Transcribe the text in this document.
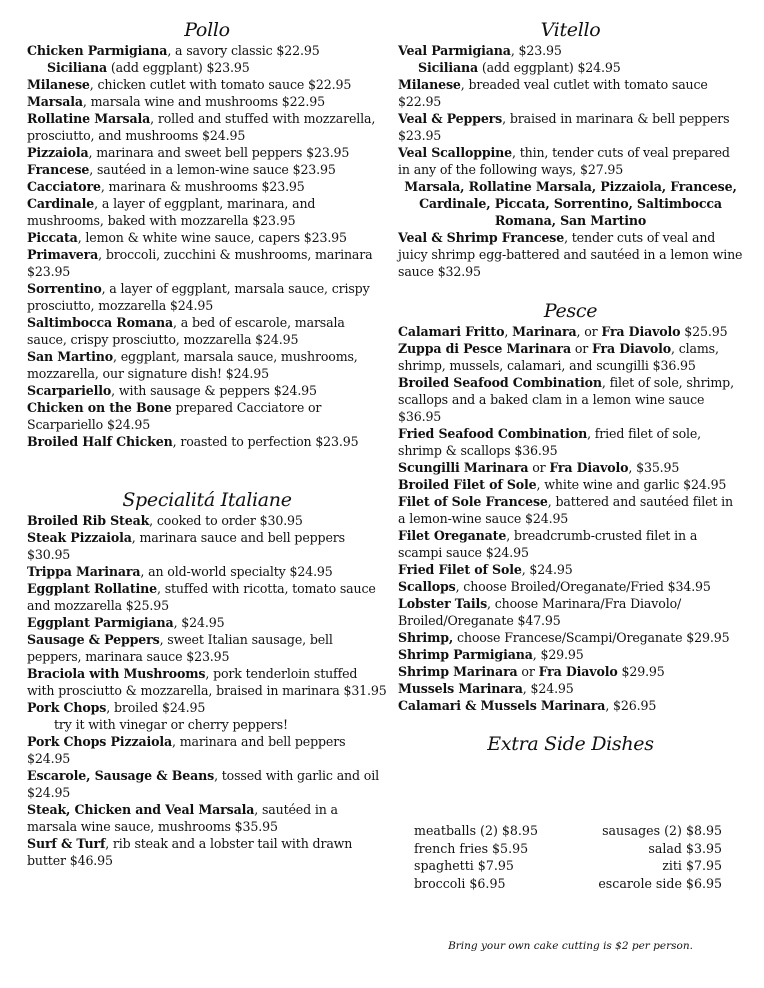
Pollo

Chicken Parmigiana, a savory classic $22.95

Siciliana (add eggplant) $23.95

Milanese, chicken cutlet with tomato sauce $22.95

Marsala, marsala wine and mushrooms $22.95

Rollatine Marsala, rolled and stuffed with mozzarella, prosciutto, and mushrooms $24.95

Pizzaiola, marinara and sweet bell peppers $23.95

Francese, sautéed in a lemon-wine sauce $23.95

Cacciatore, marinara & mushrooms $23.95

Cardinale, a layer of eggplant, marinara, and mushrooms, baked with mozzarella $23.95

Piccata, lemon & white wine sauce, capers $23.95

Primavera, broccoli, zucchini & mushrooms, marinara $23.95

Sorrentino, a layer of eggplant, marsala sauce, crispy prosciutto, mozzarella $24.95

Saltimbocca Romana, a bed of escarole, marsala sauce, crispy prosciutto, mozzarella $24.95

San Martino, eggplant, marsala sauce, mushrooms, mozzarella, our signature dish! $24.95

Scarpariello, with sausage & peppers $24.95

Chicken on the Bone prepared Cacciatore or Scarpariello $24.95

Broiled Half Chicken, roasted to perfection $23.95

Specialitá Italiane

Broiled Rib Steak, cooked to order $30.95

Steak Pizzaiola, marinara sauce and bell peppers $30.95

Trippa Marinara, an old-world specialty $24.95

Eggplant Rollatine, stuffed with ricotta, tomato sauce and mozzarella $25.95

Eggplant Parmigiana, $24.95

Sausage & Peppers, sweet Italian sausage, bell peppers, marinara sauce $23.95

Braciola with Mushrooms, pork tenderloin stuffed with prosciutto & mozzarella, braised in marinara $31.95

Pork Chops, broiled $24.95

try it with vinegar or cherry peppers!

Pork Chops Pizzaiola, marinara and bell peppers $24.95

Escarole, Sausage & Beans, tossed with garlic and oil $24.95

Steak, Chicken and Veal Marsala, sautéed in a marsala wine sauce, mushrooms $35.95

Surf & Turf, rib steak and a lobster tail with drawn butter $46.95

Vitello

Veal Parmigiana, $23.95

Siciliana (add eggplant) $24.95

Milanese, breaded veal cutlet with tomato sauce $22.95

Veal & Peppers, braised in marinara & bell peppers $23.95

Veal Scalloppine, thin, tender cuts of veal prepared in any of the following ways, $27.95

Marsala, Rollatine Marsala, Pizzaiola, Francese, Cardinale, Piccata, Sorrentino, Saltimbocca Romana, San Martino

Veal & Shrimp Francese, tender cuts of veal and juicy shrimp egg-battered and sautéed in a lemon wine sauce $32.95

Pesce

Calamari Fritto, Marinara, or Fra Diavolo $25.95

Zuppa di Pesce Marinara or Fra Diavolo, clams, shrimp, mussels, calamari, and scungilli $36.95

Broiled Seafood Combination, filet of sole, shrimp, scallops and a baked clam in a lemon wine sauce $36.95

Fried Seafood Combination, fried filet of sole, shrimp & scallops $36.95

Scungilli Marinara or Fra Diavolo, $35.95

Broiled Filet of Sole, white wine and garlic $24.95

Filet of Sole Francese, battered and sautéed filet in a lemon-wine sauce $24.95

Filet Oreganate, breadcrumb-crusted filet in a scampi sauce $24.95

Fried Filet of Sole, $24.95

Scallops, choose Broiled/Oreganate/Fried $34.95

Lobster Tails, choose Marinara/Fra Diavolo/ Broiled/Oreganate $47.95

Shrimp, choose Francese/Scampi/Oreganate $29.95

Shrimp Parmigiana, $29.95

Shrimp Marinara or Fra Diavolo $29.95

Mussels Marinara, $24.95

Calamari & Mussels Marinara, $26.95

Extra Side Dishes
meatballs (2) $8.95	sausages (2) $8.95
french fries $5.95	salad $3.95
spaghetti $7.95	ziti $7.95
broccoli $6.95	escarole side $6.95
Bring your own cake cutting is $2 per person.
